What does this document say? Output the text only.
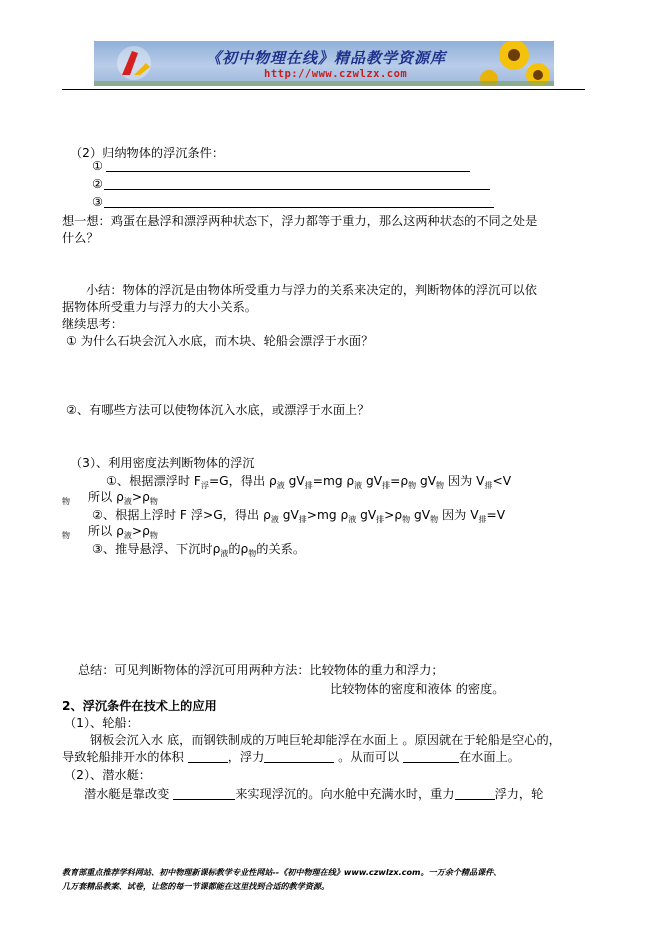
《初中物理在线》精品教学资源库
http://www.czwlzx.com
（2）归纳物体的浮沉条件：
①
②
③
想一想：鸡蛋在悬浮和漂浮两种状态下，浮力都等于重力，那么这两种状态的不同之处是
什么？
小结：物体的浮沉是由物体所受重力与浮力的关系来决定的，判断物体的浮沉可以依
据物体所受重力与浮力的大小关系。
继续思考：
① 为什么石块会沉入水底，而木块、轮船会漂浮于水面？
②、有哪些方法可以使物体沉入水底，或漂浮于水面上？
（3）、利用密度法判断物体的浮沉
①、根据漂浮时 $F_浮=G$，得出 $\rho_液$ $gV_排=mg$ $\rho_液$ $gV_排=\rho_物$ $gV_物$ 因为 $V_排<V$
$_物$ 所以 $\rho_液>\rho_物$
②、根据上浮时 F 浮>G，得出 $\rho_液$ $gV_排>mg$ $\rho_液$ $gV_排>\rho_物$ $gV_物$ 因为 $V_排=V$
$_物$ 所以 $\rho_液>\rho_物$
③、推导悬浮、下沉时$\rho_液$的$\rho_物$的关系。
总结：可见判断物体的浮沉可用两种方法：比较物体的重力和浮力；
比较物体的密度和液体 的密度。
2、浮沉条件在技术上的应用
（1）、轮船：
钢板会沉入水 底，而钢铁制成的万吨巨轮却能浮在水面上 。原因就在于轮船是空心的，
导致轮船排开水的体积	，浮力	。从而可以	在水面上。
（2）、潜水艇：
潜水艇是靠改变	来实现浮沉的。向水舱中充满水时，重力	浮力，轮
教育部重点推荐学科网站、初中物理新课标教学专业性网站--《初中物理在线》www.czwlzx.com。一万余个精品课件、
几万套精品教案、试卷，让您的每一节课都能在这里找到合适的教学资源。
